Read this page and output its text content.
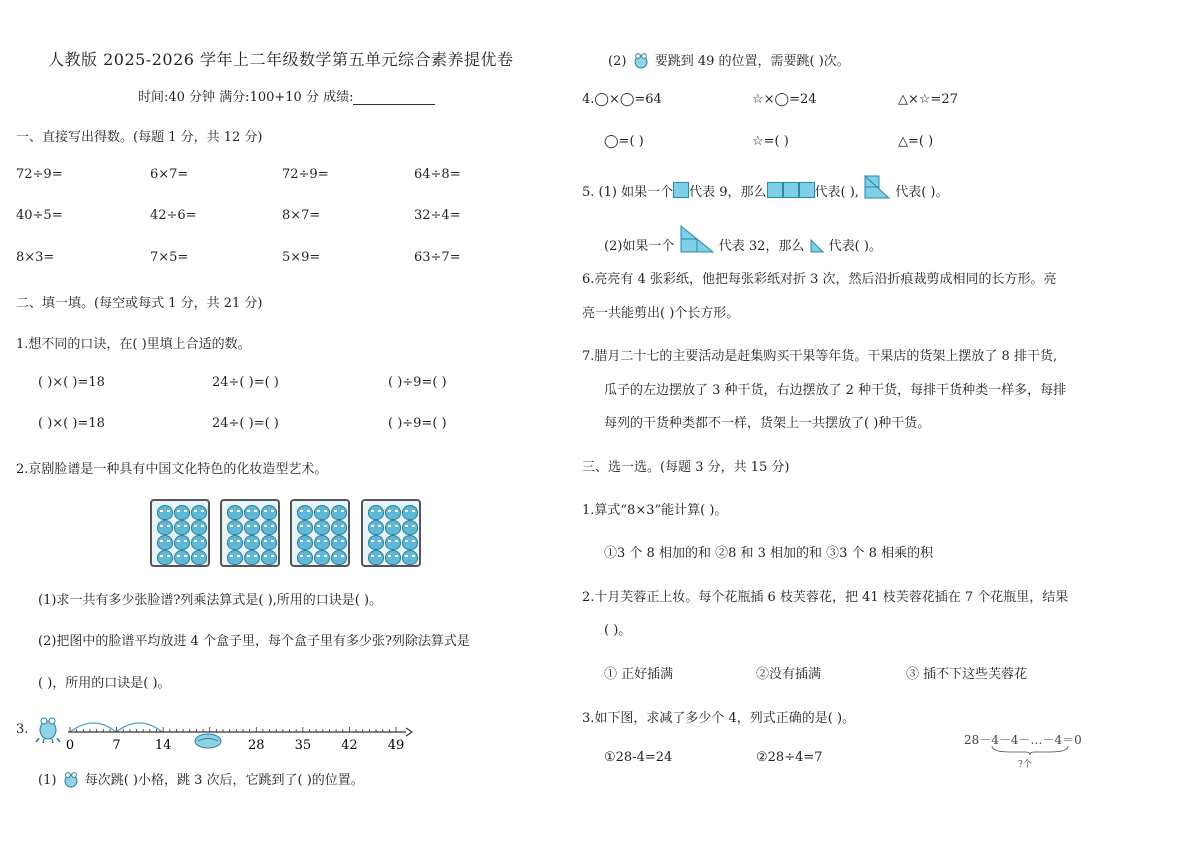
人教版 2025-2026 学年上二年级数学第五单元综合素养提优卷
时间:40 分钟 满分:100+10 分 成绩:
一、直接写出得数。(每题 1 分，共 12 分)
72÷9=	6×7=	72÷9=	64÷8=
40÷5=	42÷6=	8×7=	32÷4=
8×3=	7×5=	5×9=	63÷7=
二、填一填。(每空或每式 1 分，共 21 分)
1.想不同的口诀，在( )里填上合适的数。
( )×( )=18	24÷( )=( )	( )÷9=( )
( )×( )=18	24÷( )=( )	( )÷9=( )
2.京剧脸谱是一种具有中国文化特色的化妆造型艺术。
(1)求一共有多少张脸谱?列乘法算式是( ),所用的口诀是( )。
(2)把图中的脸谱平均放进 4 个盒子里，每个盒子里有多少张?列除法算式是
( )，所用的口诀是( )。
3.
0	7	14	28 35 42 49
(1) 每次跳( )小格，跳 3 次后，它跳到了( )的位置。
(2) 要跳到 49 的位置，需要跳( )次。
4.◯×◯=64	☆×◯=24	△×☆=27
◯=( )	☆=( )	△=( )
5. (1) 如果一个 代表 9，那么	代表( ),	代表( )。
(2)如果一个	代表 32，那么 代表( )。
6.亮亮有 4 张彩纸，他把每张彩纸对折 3 次，然后沿折痕裁剪成相同的长方形。亮
亮一共能剪出( )个长方形。
7.腊月二十七的主要活动是赶集购买干果等年货。干果店的货架上摆放了 8 排干货,
瓜子的左边摆放了 3 种干货，右边摆放了 2 种干货，每排干货种类一样多，每排
每列的干货种类都不一样，货架上一共摆放了( )种干货。
三、选一选。(每题 3 分，共 15 分)
1.算式“8×3”能计算( )。
①3 个 8 相加的和 ②8 和 3 相加的和 ③3 个 8 相乘的积
2.十月芙蓉正上妆。每个花瓶插 6 枝芙蓉花，把 41 枝芙蓉花插在 7 个花瓶里，结果
( )。
① 正好插满	②没有插满	③ 插不下这些芙蓉花
3.如下图，求减了多少个 4，列式正确的是( )。
①28-4=24	②28÷4=7
28－4－4－…－4＝0
?个
